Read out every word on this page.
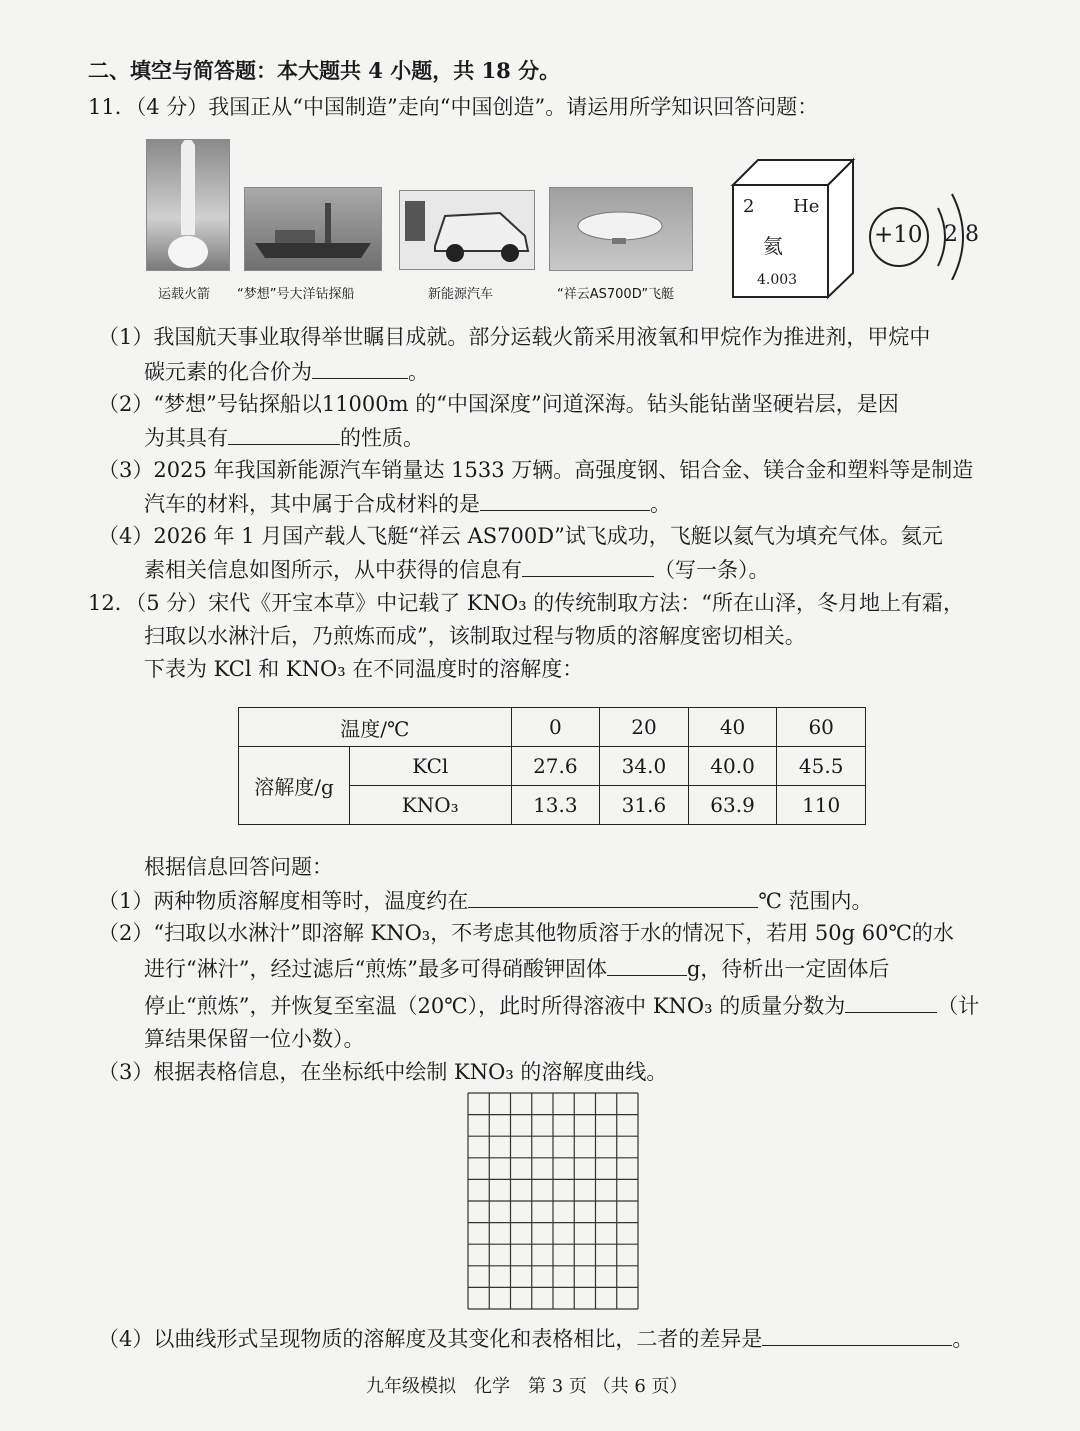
二、填空与简答题：本大题共 4 小题，共 18 分。
11．（4 分）我国正从“中国制造”走向“中国创造”。请运用所学知识回答问题：
运载火箭 “梦想”号大洋钻探船	新能源汽车	“祥云AS700D”飞艇
2 He
氦
4.003
+10 2 8
（1）我国航天事业取得举世瞩目成就。部分运载火箭采用液氧和甲烷作为推进剂，甲烷中
碳元素的化合价为	。
（2）“梦想”号钻探船以11000m 的“中国深度”问道深海。钻头能钻凿坚硬岩层，是因
为其具有	的性质。
（3）2025 年我国新能源汽车销量达 1533 万辆。高强度钢、铝合金、镁合金和塑料等是制造
汽车的材料，其中属于合成材料的是	。
（4）2026 年 1 月国产载人飞艇“祥云 AS700D”试飞成功，飞艇以氦气为填充气体。氦元
素相关信息如图所示，从中获得的信息有	（写一条）。
12．（5 分）宋代《开宝本草》中记载了 KNO₃ 的传统制取方法：“所在山泽，冬月地上有霜，
扫取以水淋汁后，乃煎炼而成”，该制取过程与物质的溶解度密切相关。
下表为 KCl 和 KNO₃ 在不同温度时的溶解度：
温度/℃		0	20	40	60
溶解度/g	KCl	27.6	34.0	40.0	45.5
	KNO₃	13.3	31.6	63.9	110
根据信息回答问题：
（1）两种物质溶解度相等时，温度约在	℃ 范围内。
（2）“扫取以水淋汁”即溶解 KNO₃，不考虑其他物质溶于水的情况下，若用 50g 60℃的水
进行“淋汁”，经过滤后“煎炼”最多可得硝酸钾固体	g，待析出一定固体后
停止“煎炼”，并恢复至室温（20℃），此时所得溶液中 KNO₃ 的质量分数为	（计
算结果保留一位小数）。
（3）根据表格信息，在坐标纸中绘制 KNO₃ 的溶解度曲线。
（4）以曲线形式呈现物质的溶解度及其变化和表格相比，二者的差异是	。
九年级模拟　化学　第 3 页 （共 6 页）
